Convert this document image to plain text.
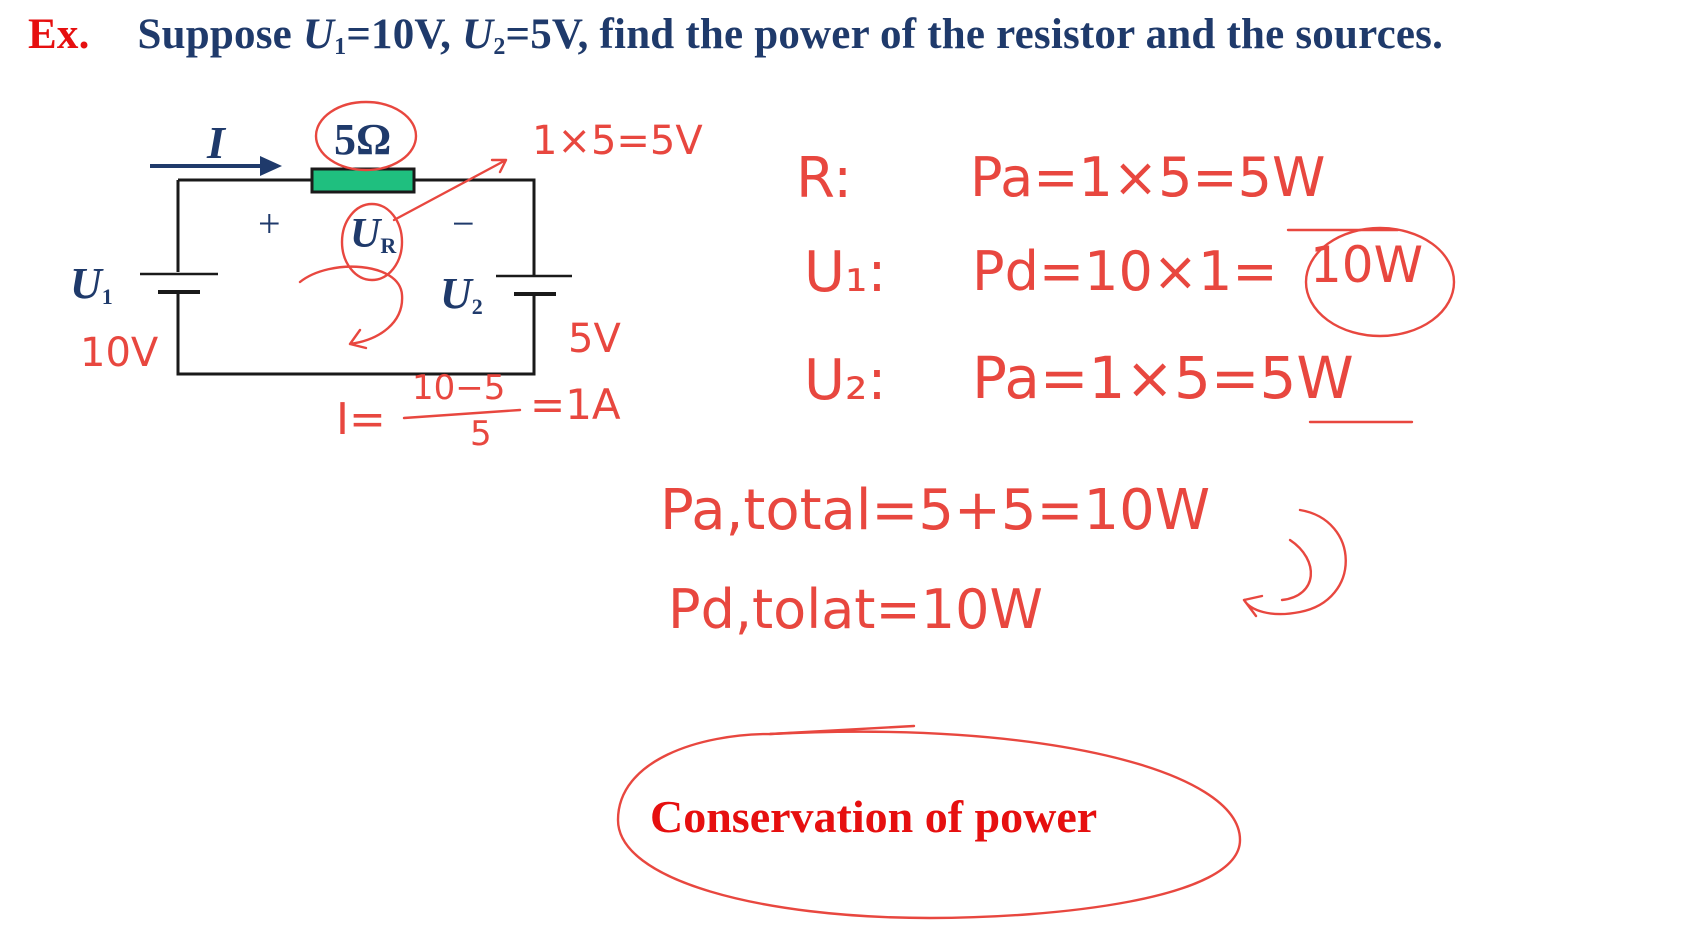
Ex. Suppose $U_1=10V$, $U_2=5V$, find the power of the resistor and the sources.
I 5Ω
+	−
$U_R$
$U_1$	$U_2$
1×5=5V
10V	5V
I=
10−5
5
=1A
R: Pa=1×5=5W
U₁: Pd=10×1= 10W
U₂: Pa=1×5=5W
Pa,total=5+5=10W
Pd,tolat=10W
Conservation of power
